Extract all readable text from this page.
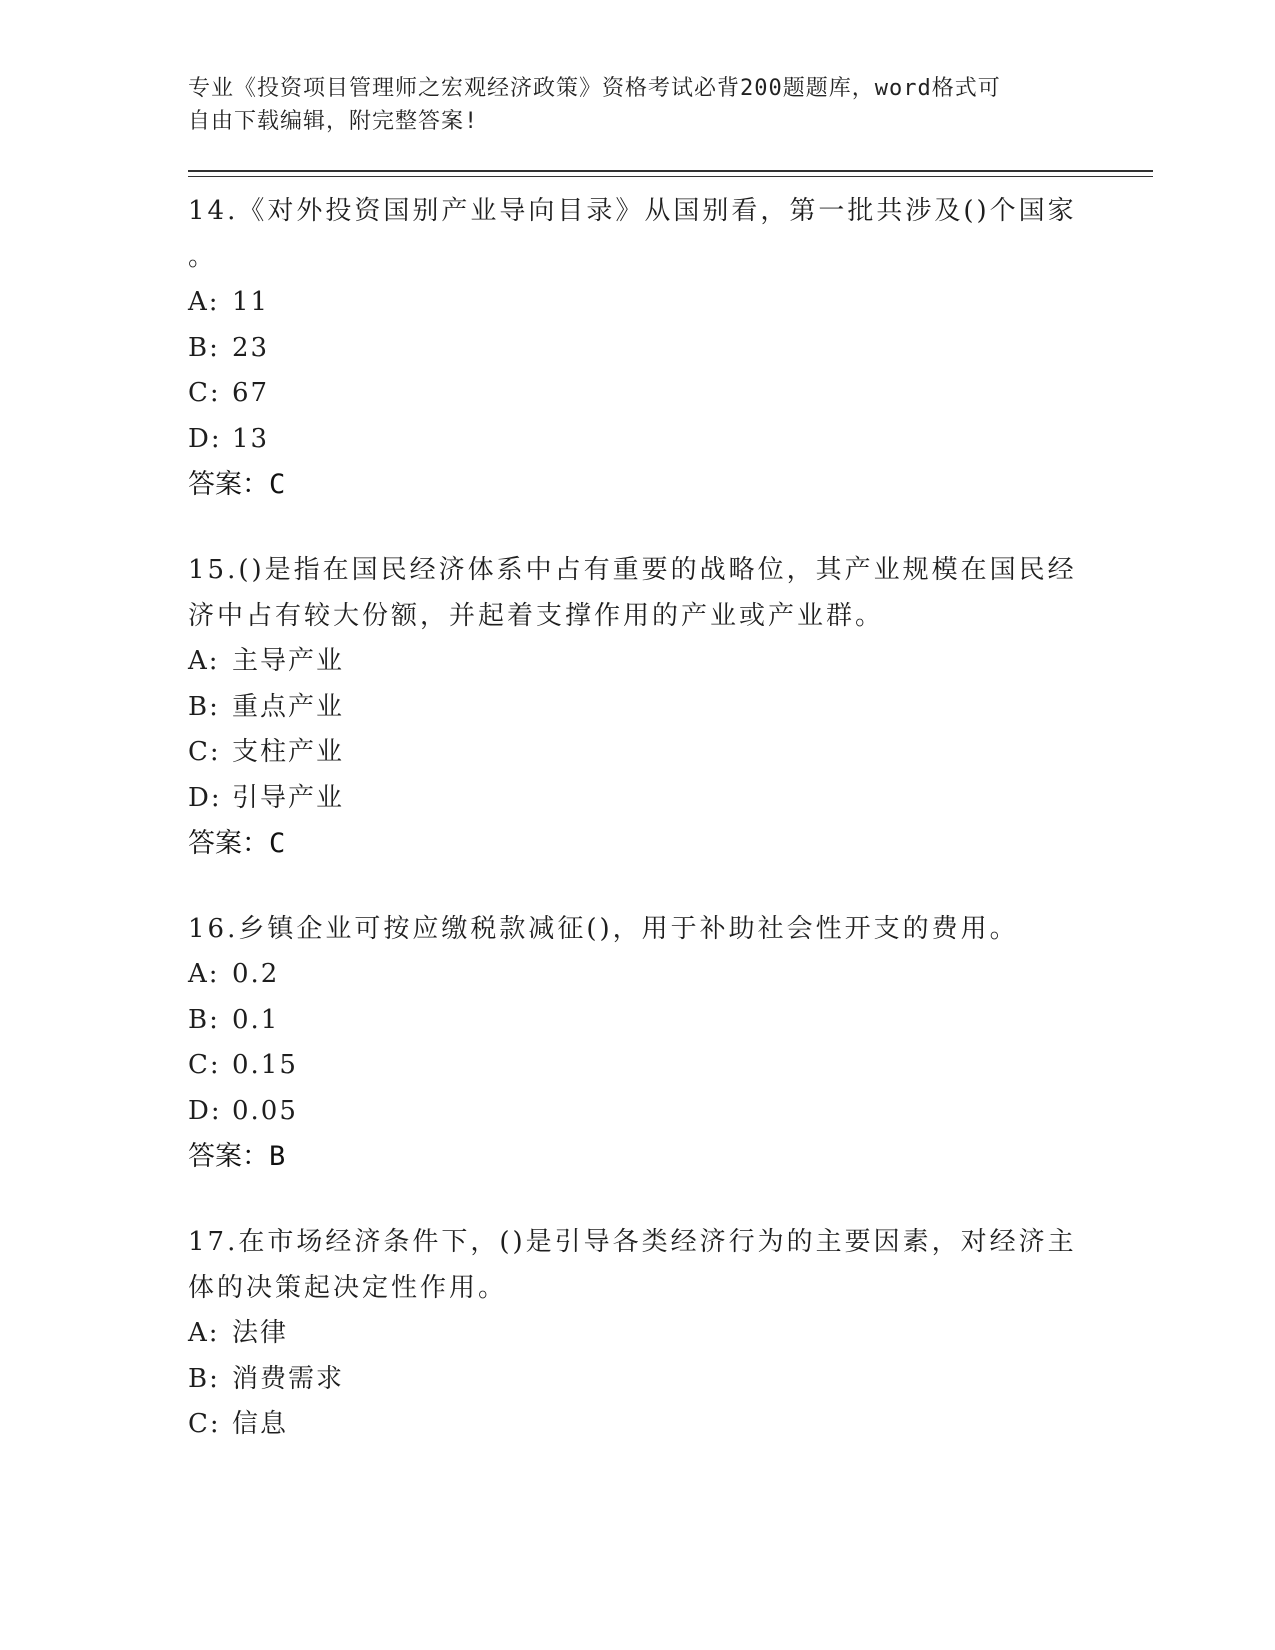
专业《投资项目管理师之宏观经济政策》资格考试必背200题题库，word格式可
自由下载编辑，附完整答案!

14.《对外投资国别产业导向目录》从国别看，第一批共涉及()个国家
。

A: 11

B: 23

C: 67

D: 13

答案：C

15.()是指在国民经济体系中占有重要的战略位，其产业规模在国民经
济中占有较大份额，并起着支撑作用的产业或产业群。

A: 主导产业

B: 重点产业

C: 支柱产业

D: 引导产业

答案：C

16.乡镇企业可按应缴税款减征()，用于补助社会性开支的费用。

A: 0.2

B: 0.1

C: 0.15

D: 0.05

答案：B

17.在市场经济条件下，()是引导各类经济行为的主要因素，对经济主
体的决策起决定性作用。

A: 法律

B: 消费需求

C: 信息
